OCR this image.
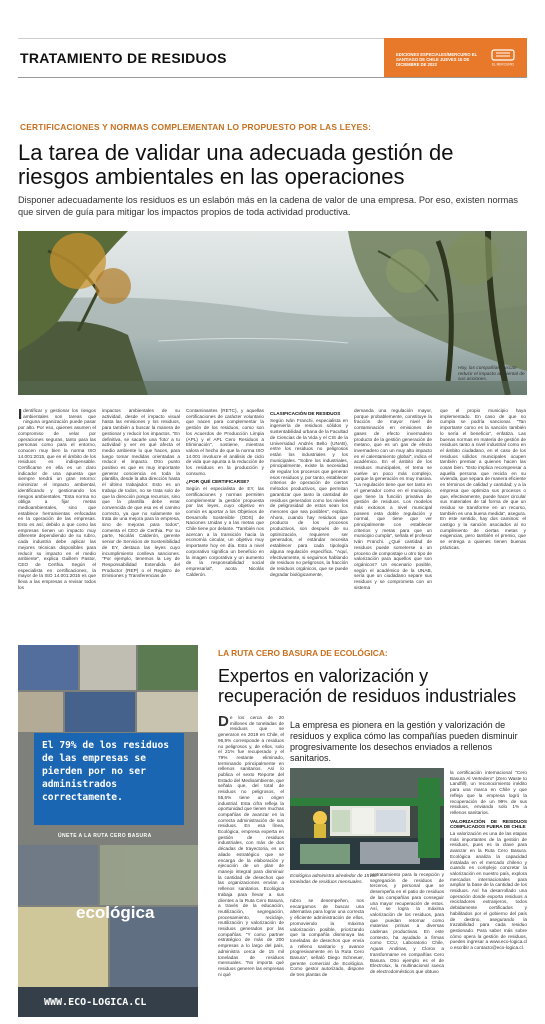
TRATAMIENTO DE RESIDUOS	EDICIONES ESPECIALES/MERCURIO EL SANTIAGO DE CHILE JUEVES 15 DE DICIEMBRE DE 2022	EL MERCURIO
CERTIFICACIONES Y NORMAS COMPLEMENTAN LO PROPUESTO POR LAS LEYES:
La tarea de validar una adecuada gestión de riesgos ambientales en las operaciones
Disponer adecuadamente los residuos es un eslabón más en la cadena de valor de una empresa. Por eso, existen normas que sirven de guía para mitigar los impactos propios de toda actividad productiva.
Hoy, las compañías buscan reducir el impacto ambiental de sus acciones.

Identificar y gestionar los riesgos ambientales son tareas que ninguna organización puede pasar por alto. Por eso, quienes asumen el compromiso de velar por operaciones seguras, tanto para las personas como para el entorno, conocen muy bien la norma ISO 14.001:2015, que en el ámbito de los residuos es indispensable. Certificarse en ella es un claro indicador de una apuesta que siempre tendrá un gran retorno: minimizar el impacto ambiental, identificando y gestionando los riesgos ambientales. "Esta norma no obliga a fijar metas medioambientales, sino que establece herramientas enfocadas en la operación de las empresas. Esto es así, debido a que como las empresas tienen un impacto muy diferente dependiendo de su rubro, cada industria debe aplicar las mejores técnicas disponibles para reducir su impacto en el medio ambiente", explica Guillem Pastor, CEO de Certhia. Según el especialista en certificaciones, la mayor de la ISO 14.001:2015 es que lleva a las empresas a revisar todos los

impactos ambientales de su actividad, desde el impacto visual hasta las emisiones y los residuos, para también a buscar la manera de gestionar y reducir los impactos. "En definitiva, se sacarle una 'foto' a tu actividad y ver en qué afecta el medio ambiente lo que haces, para luego tomar medidas orientadas a reducir el impacto. Otro punto positivo es que es muy importante generar conciencia en toda la plantilla, desde la alta dirección hasta el último trabajador. Esto es un trabajo de todos, no se trata solo de que la dirección ponga recursos, sino que la plantilla debe estar convencida de que esa es el camino correcto, ya que no solamente se trata de una mejora para la empresa, sino de mejoras para todos", comenta el CEO de Certhia. Por su parte, Nicolás Calderón, gerente senior de Servicios de Sostenibilidad de EY, destaca las leyes cuyo incumplimiento conlleva sanciones. "Por ejemplo, tenemos la Ley de Responsabilidad Extendida del Productor (REP) o el Registro de Emisiones y Transferencias de

Contaminantes (RETC), y aquellas certificaciones de carácter voluntario que nacen para complementar la gestión de los residuos, como son los Acuerdos de Producción Limpia (APL) y el APL Cero Residuos a Eliminación", sostiene, mientras valora el hecho de que la norma ISO 14.001 involucre el análisis de ciclo de vida que apunta a la reducción de los residuos en la producción y consumo.

¿POR QUÉ CERTIFICARSE?

Según el especialista de EY, las certificaciones y normas permiten complementar la gestión propuesta por las leyes, cuyo objetivo en común es aportar a los Objetivos de Desarrollo Sostenible (ODS) de Naciones Unidas y a las metas que Chile tiene por delante. "También nos acercan a la transición hacia la economía circular, un objetivo muy importante hoy en día. Esto a nivel corporativo significa un beneficio en la imagen corporativa y un aumento de la responsabilidad social empresarial", acota Nicolás Calderón.

CLASIFICACIÓN DE RESIDUOS

Según Iván Franchi, especialista en ingeniería de residuos sólidos y sustentabilidad urbana de la Facultad de Ciencias de la Vida y el CIS de la Universidad Andrés Bello (UNAB), entre los residuos no peligrosos están los industriales y los municipales. "Sobre los industriales, principalmente, existe la necesidad de regular los procesos que generan esos residuos y, por tanto, establecer criterios de operación de ciertos métodos productivos, que permitan garantizar que tanto la cantidad de residuos generados como los niveles de peligrosidad de estos sean los menores que sea posibles", explica. Ahora, cuando hay residuos que producto de los procesos productivos, son después de su optimización, requieren ser generados, el estándar necesita establecer para cada tipología alguna regulación específica. "Aquí, efectivamente, si seguimos hablando de residuos no peligrosos, la fracción de residuos orgánicos, que se puede degradar biológicamente,

demanda una regulación mayor, porque probablemente, constituye la fracción de mayor nivel de contaminación en emisiones de gases de efecto invernadero producto de la gestión generación de metano, que es un gas de efecto invernadero con un muy alto impacto en el calentamiento global", indica el académico. En el ámbito de los residuos municipales, el tema se vuelve un poco más complejo, porque la generación es muy masiva. "La regulación tiene que ser tanto en el generador como en el municipio, que tiene la función privativa de gestión de residuos. Los modelos más exitosos a nivel municipal poseen esta doble regulación y normal, que tiene que ver principalmente con establecer criterios y metas para que un municipio cumpla", señala el profesor Iván Franchi. ¿Qué cantidad de residuos puede someterse a un proceso de compostaje u otro tipo de valorización para aquellos que son orgánicos? Un escenario posible, según el académico de la UNAB, sería que un ciudadano separe sus residuos y se comprometa con un sistema

que el propio municipio haya implementado. En caso de que no cumpla se podría sancionar. "Tan importante como es la sanción también lo sería el beneficio", enfatiza. Las buenas normas en materia de gestión de residuos tanto a nivel industrial como en el ámbito ciudadano, en el caso de los residuos sólidos municipales ocupen también premiar a quienes hacen las cosas bien. "Esto implica recompensar a aquella persona que recicla en su vivienda, que separa de manera eficiente en términos de calidad y cantidad; y a la empresa que optimiza sus procesos o que, efectivamente, puede hacer circular sus materiales de tal forma de que un residuo se transforme en un recurso, también es una buena medida", asegura. En este sentido, hay dos caminos: el castigo y la sanción asociados al no cumplimiento de ciertas metas y exigencias, pero también el premio, que se entrega a quienes tienen buenas prácticas.

El 79% de los residuos de las empresas se pierden por no ser administrados correctamente.
ÚNETE A LA RUTA CERO BASURA
ecológica
WWW.ECO-LOGICA.CL
LA RUTA CERO BASURA DE ECOLÓGICA:
Expertos en valorización y recuperación de residuos industriales
De los cerca de 20 millones de toneladas de residuos que se generaron en 2019 en Chile, el 96,9% corresponde a residuos no peligrosos y, de ellos, solo el 21% fue recuperado y el 79% restante eliminado, terminando principalmente en rellenos sanitarios. Así lo publica el sexto Reporte del Estado del Medioambiente, que señala que, del total de residuos no peligrosos, el 55,6% tiene un origen industrial. Esta cifra refleja la oportunidad que tienen muchas compañías de avanzar en la correcta administración de sus residuos. En esa línea, Ecológica, empresa experta en gestión de residuos industriales, con más de dos décadas de trayectoria, es un aliado estratégico que se encarga de la elaboración y ejecución de un plan de manejo integral para disminuir la cantidad de desechos que las organizaciones envían a rellenos sanitarios. Ecológica trabaja para llevar a sus clientes a la Ruta Cero Basura, a través de la educación, reutilización, segregación, procesamiento, reciclaje, reutilización y valorización de residuos generados por las compañías. "Y como partner estratégico de más de 200 empresas a lo largo del país, administra cerca de 15 mil toneladas de residuos mensuales. "No importa qué residuos generen las empresas ni qué
La empresa es pionera en la gestión y valorización de residuos y explica cómo las compañías pueden disminuir progresivamente los desechos enviados a rellenos sanitarios.
Ecológica administra alrededor de 15 mil toneladas de residuos mensuales.

rubro se desempeñen, nos encargamos de buscar una alternativa para lograr una correcta y eficiente administración de ellos, promoviendo la máxima valorización posible, priorizando que la compañía disminuya las toneladas de desechos que envía a relleno sanitario y avance progresivamente en la Ruta Cero Basura", señaló Diego Schneuer, gerente comercial de Ecológica. Como gestor autorizado, dispone de tres plantas de

pretratamiento para la recepción y segregación de residuos de terceros, y personal que se desempeña en el patio de residuos de las compañías para conseguir una mayor recuperación de estos. Así, se logra la máxima valorización de los residuos, para que puedan retornar como materias primas a diversas cadenas productivas. En este contexto, ha ayudado a firmas como CCU, Laboratorio Chile, Aguas Andinas, y Clorox a transformarse en compañías Cero Basura. Otro ejemplo es el de Electrolux, la multinacional sueca de electrodomésticos que obtuvo

la certificación internacional "Cero Basura Al Vertedero" (Zero Waste to Landfill), un reconocimiento inédito para una marca en Chile y que refleja que la empresa logró la recuperación de un 99% de sus residuos, enviando solo 1% a rellenos sanitarios.

VALORIZACIÓN DE RESIDUOS COMPLICADOS FUERA DE CHILE

La valorización es una de las etapas más importantes de la gestión de residuos, pues es la clave para avanzar en la Ruta Cero Basura. Ecológica analiza la capacidad instalada en el mercado chileno y cuando es complejo concretar la valorización en nuestro país, explora mercados internacionales para ampliar la base de la cantidad de los residuos. Así ha desarrollado una operación donde exporta residuos a recicladores extranjeros, todos debidamente certificados y habilitados por el gobierno del país de destino, asegurando la trazabilidad para cada residuo gestionado. Para saber más sobre cómo opera la gestión de residuos, puedes ingresar a www.eco-logica.cl o escribir a contacto@eco-logica.cl.
